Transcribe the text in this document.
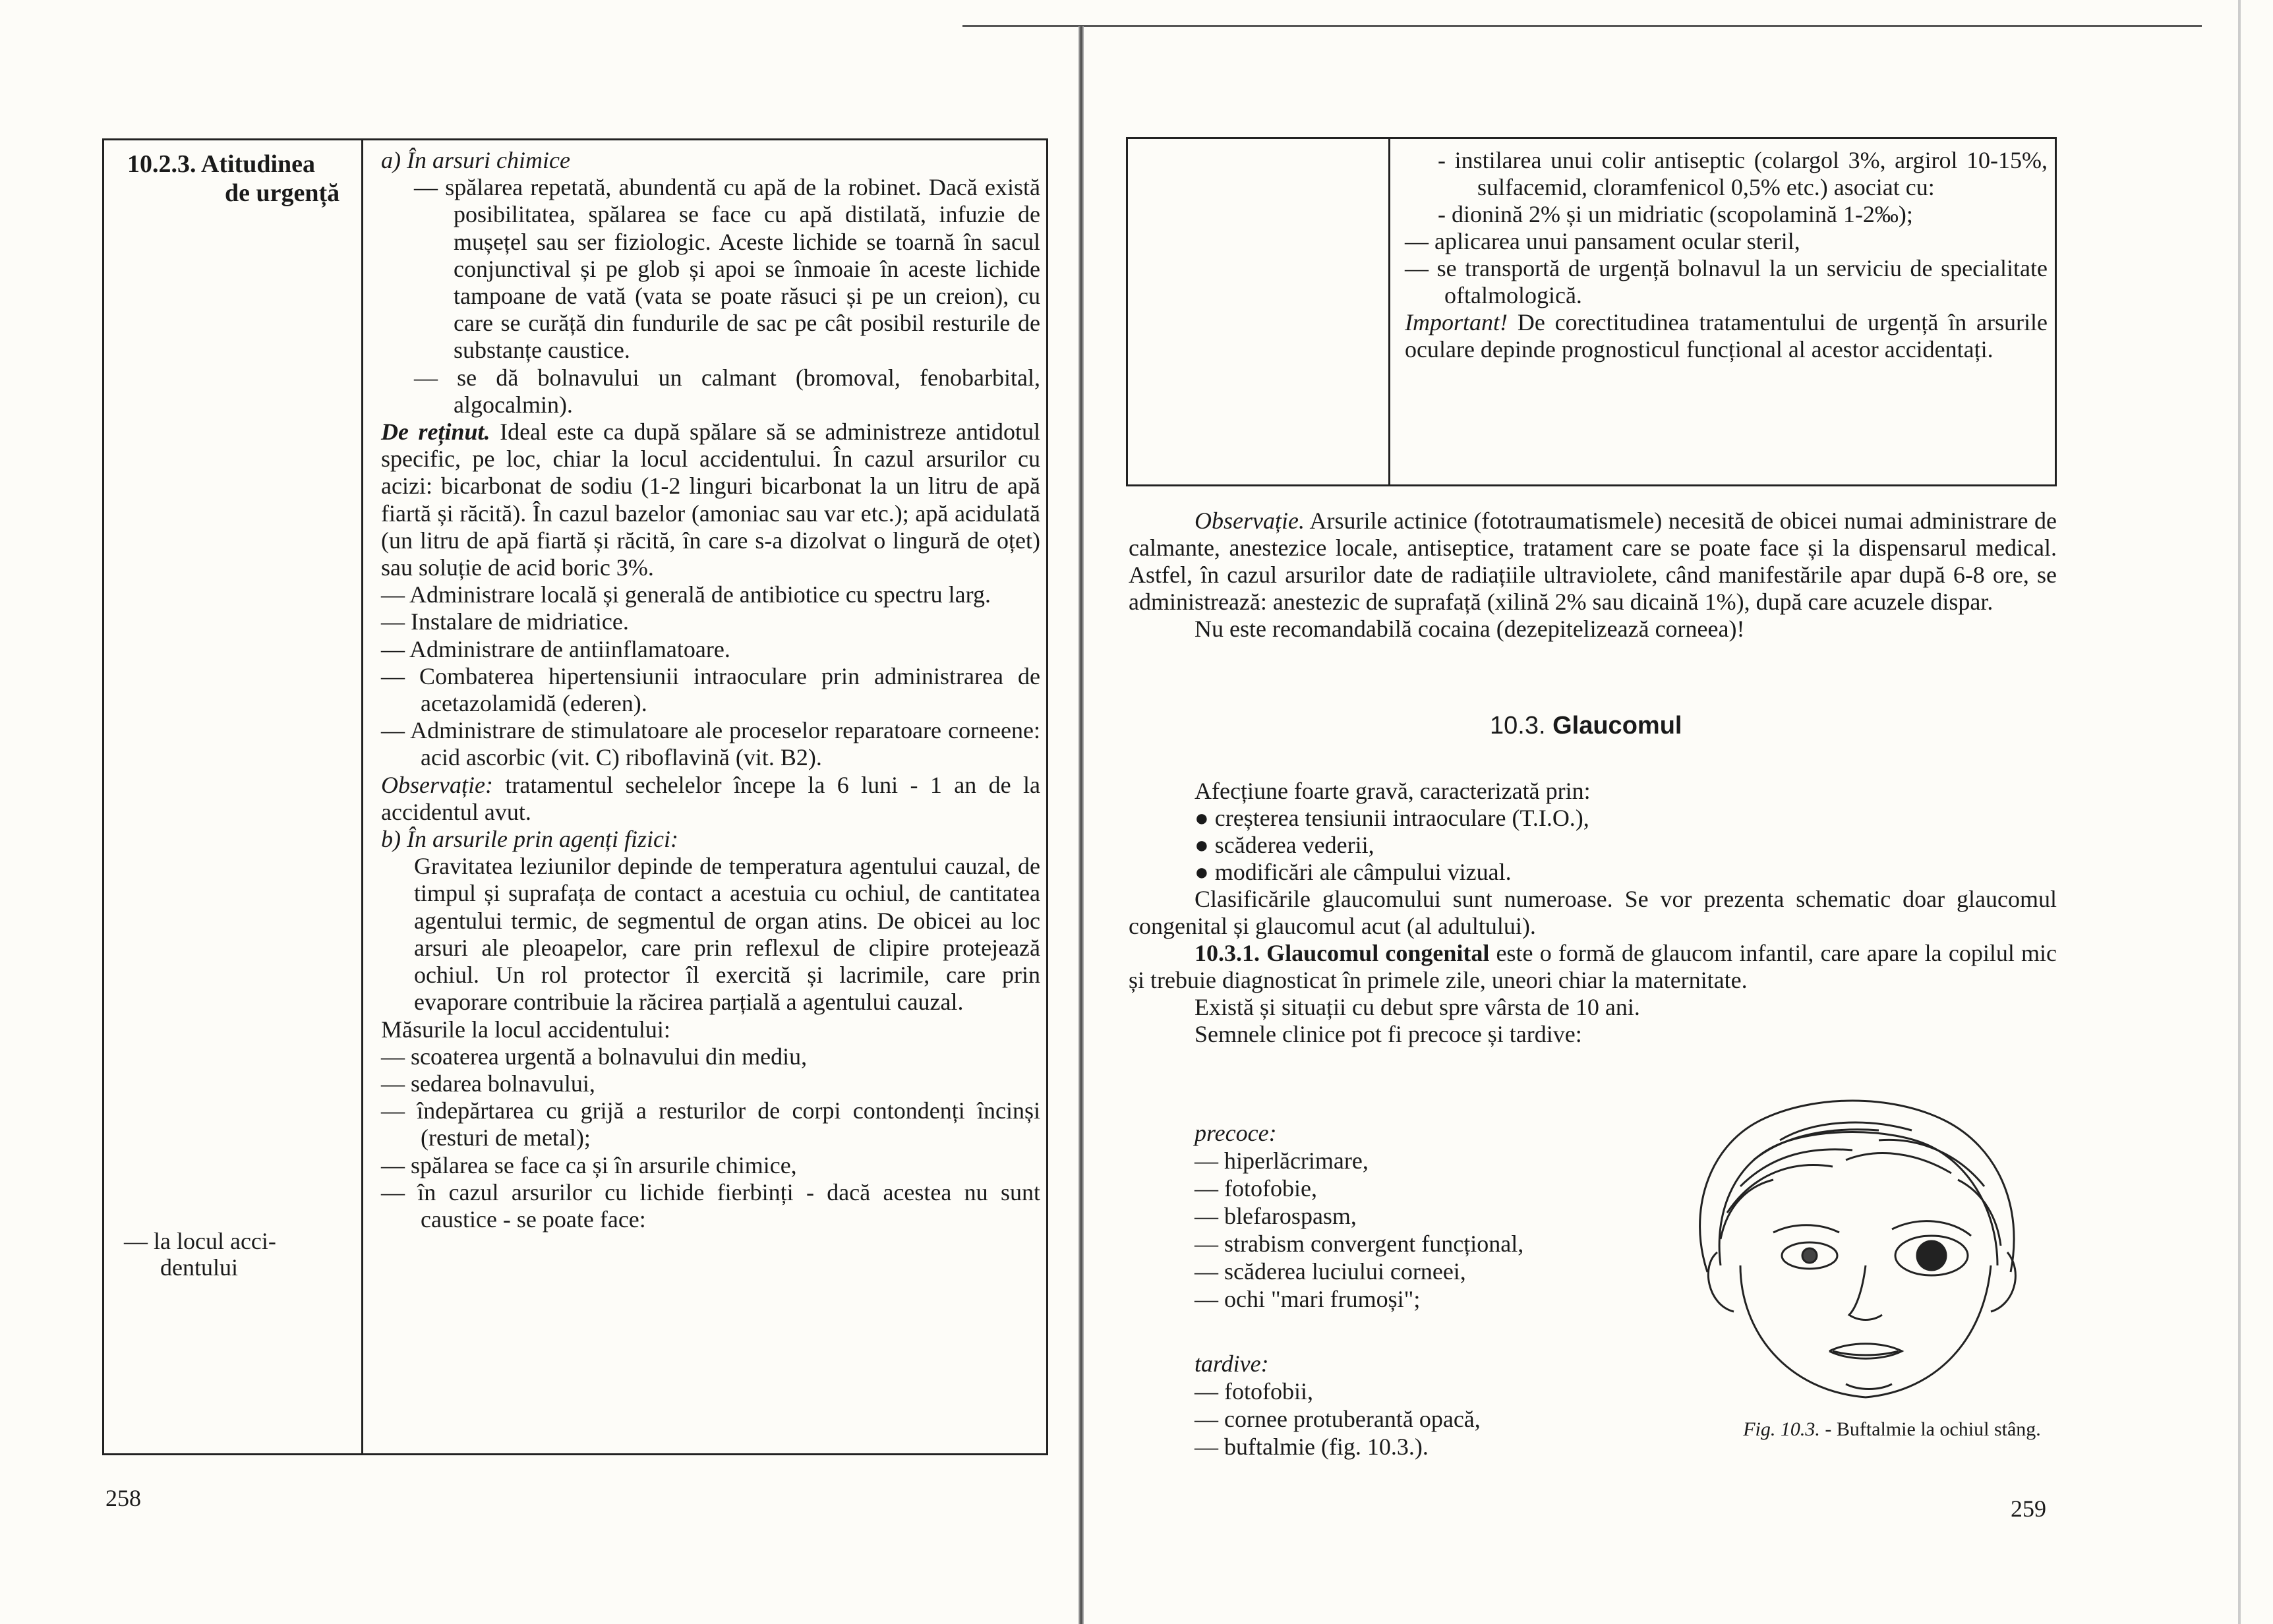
10.2.3. Atitudinea
de urgență
— la locul acci-
dentului

a) În arsuri chimice

— spălarea repetată, abundentă cu apă de la robinet. Dacă există posibilitatea, spălarea se face cu apă distilată, infuzie de mușețel sau ser fiziologic. Aceste lichide se toarnă în sacul conjunctival și pe glob și apoi se înmoaie în aceste lichide tampoane de vată (vata se poate răsuci și pe un creion), cu care se curăță din fundurile de sac pe cât posibil resturile de substanțe caustice.

— se dă bolnavului un calmant (bromoval, fenobarbital, algocalmin).

De reținut. Ideal este ca după spălare să se administreze antidotul specific, pe loc, chiar la locul accidentului. În cazul arsurilor cu acizi: bicarbonat de sodiu (1-2 linguri bicarbonat la un litru de apă fiartă și răcită). În cazul bazelor (amoniac sau var etc.); apă acidulată (un litru de apă fiartă și răcită, în care s-a dizolvat o lingură de oțet) sau soluție de acid boric 3%.

— Administrare locală și generală de antibiotice cu spectru larg.

— Instalare de midriatice.

— Administrare de antiinflamatoare.

— Combaterea hipertensiunii intraoculare prin administrarea de acetazolamidă (ederen).

— Administrare de stimulatoare ale proceselor reparatoare corneene: acid ascorbic (vit. C) riboflavină (vit. B2).

Observație: tratamentul sechelelor începe la 6 luni - 1 an de la accidentul avut.

b) În arsurile prin agenți fizici:

Gravitatea leziunilor depinde de temperatura agentului cauzal, de timpul și suprafața de contact a acestuia cu ochiul, de cantitatea agentului termic, de segmentul de organ atins. De obicei au loc arsuri ale pleoapelor, care prin reflexul de clipire protejează ochiul. Un rol protector îl exercită și lacrimile, care prin evaporare contribuie la răcirea parțială a agentului cauzal.

Măsurile la locul accidentului:

— scoaterea urgentă a bolnavului din mediu,

— sedarea bolnavului,

— îndepărtarea cu grijă a resturilor de corpi contondenți încinși (resturi de metal);

— spălarea se face ca și în arsurile chimice,

— în cazul arsurilor cu lichide fierbinți - dacă acestea nu sunt caustice - se poate face:

258

- instilarea unui colir antiseptic (colargol 3%, argirol 10-15%, sulfacemid, cloramfenicol 0,5% etc.) asociat cu:

- dionină 2% și un midriatic (scopolamină 1-2‰);

— aplicarea unui pansament ocular steril,

— se transportă de urgență bolnavul la un serviciu de specialitate oftalmologică.

Important! De corectitudinea tratamentului de urgență în arsurile oculare depinde prognosticul funcțional al acestor accidentați.

Observație. Arsurile actinice (fototraumatismele) necesită de obicei numai administrare de calmante, anestezice locale, antiseptice, tratament care se poate face și la dispensarul medical. Astfel, în cazul arsurilor date de radiațiile ultraviolete, când manifestările apar după 6-8 ore, se administrează: anestezic de suprafață (xilină 2% sau dicaină 1%), după care acuzele dispar.

Nu este recomandabilă cocaina (dezepitelizează corneea)!

10.3. Glaucomul

Afecțiune foarte gravă, caracterizată prin:

● creșterea tensiunii intraoculare (T.I.O.),

● scăderea vederii,

● modificări ale câmpului vizual.

Clasificările glaucomului sunt numeroase. Se vor prezenta schematic doar glaucomul congenital și glaucomul acut (al adultului).

10.3.1. Glaucomul congenital este o formă de glaucom infantil, care apare la copilul mic și trebuie diagnosticat în primele zile, uneori chiar la maternitate.

Există și situații cu debut spre vârsta de 10 ani.

Semnele clinice pot fi precoce și tardive:

precoce:

— hiperlăcrimare,

— fotofobie,

— blefarospasm,

— strabism convergent funcțional,

— scăderea luciului corneei,

— ochi "mari frumoși";

tardive:

— fotofobii,

— cornee protuberantă opacă,

— buftalmie (fig. 10.3.).

Fig. 10.3. - Buftalmie la ochiul stâng.
259
